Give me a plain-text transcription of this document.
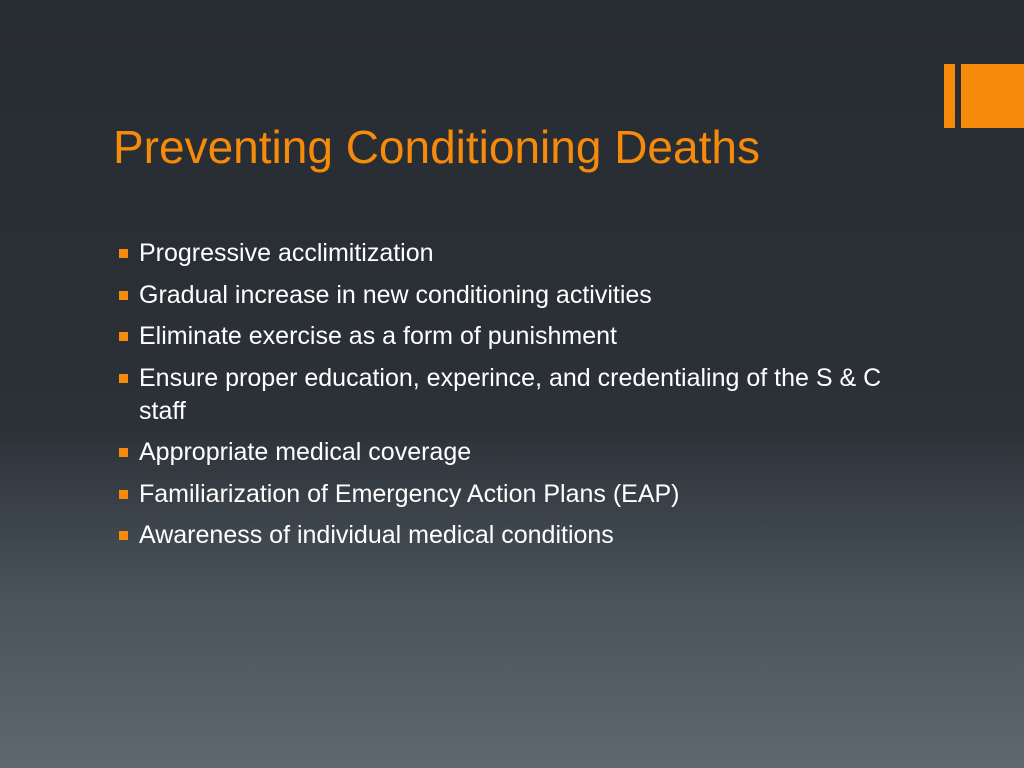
Preventing Conditioning Deaths
Progressive acclimitization
Gradual increase in new conditioning activities
Eliminate exercise as a form of punishment
Ensure proper education, experince, and credentialing of the S & C staff
Appropriate medical coverage
Familiarization of Emergency Action Plans (EAP)
Awareness of individual medical conditions
